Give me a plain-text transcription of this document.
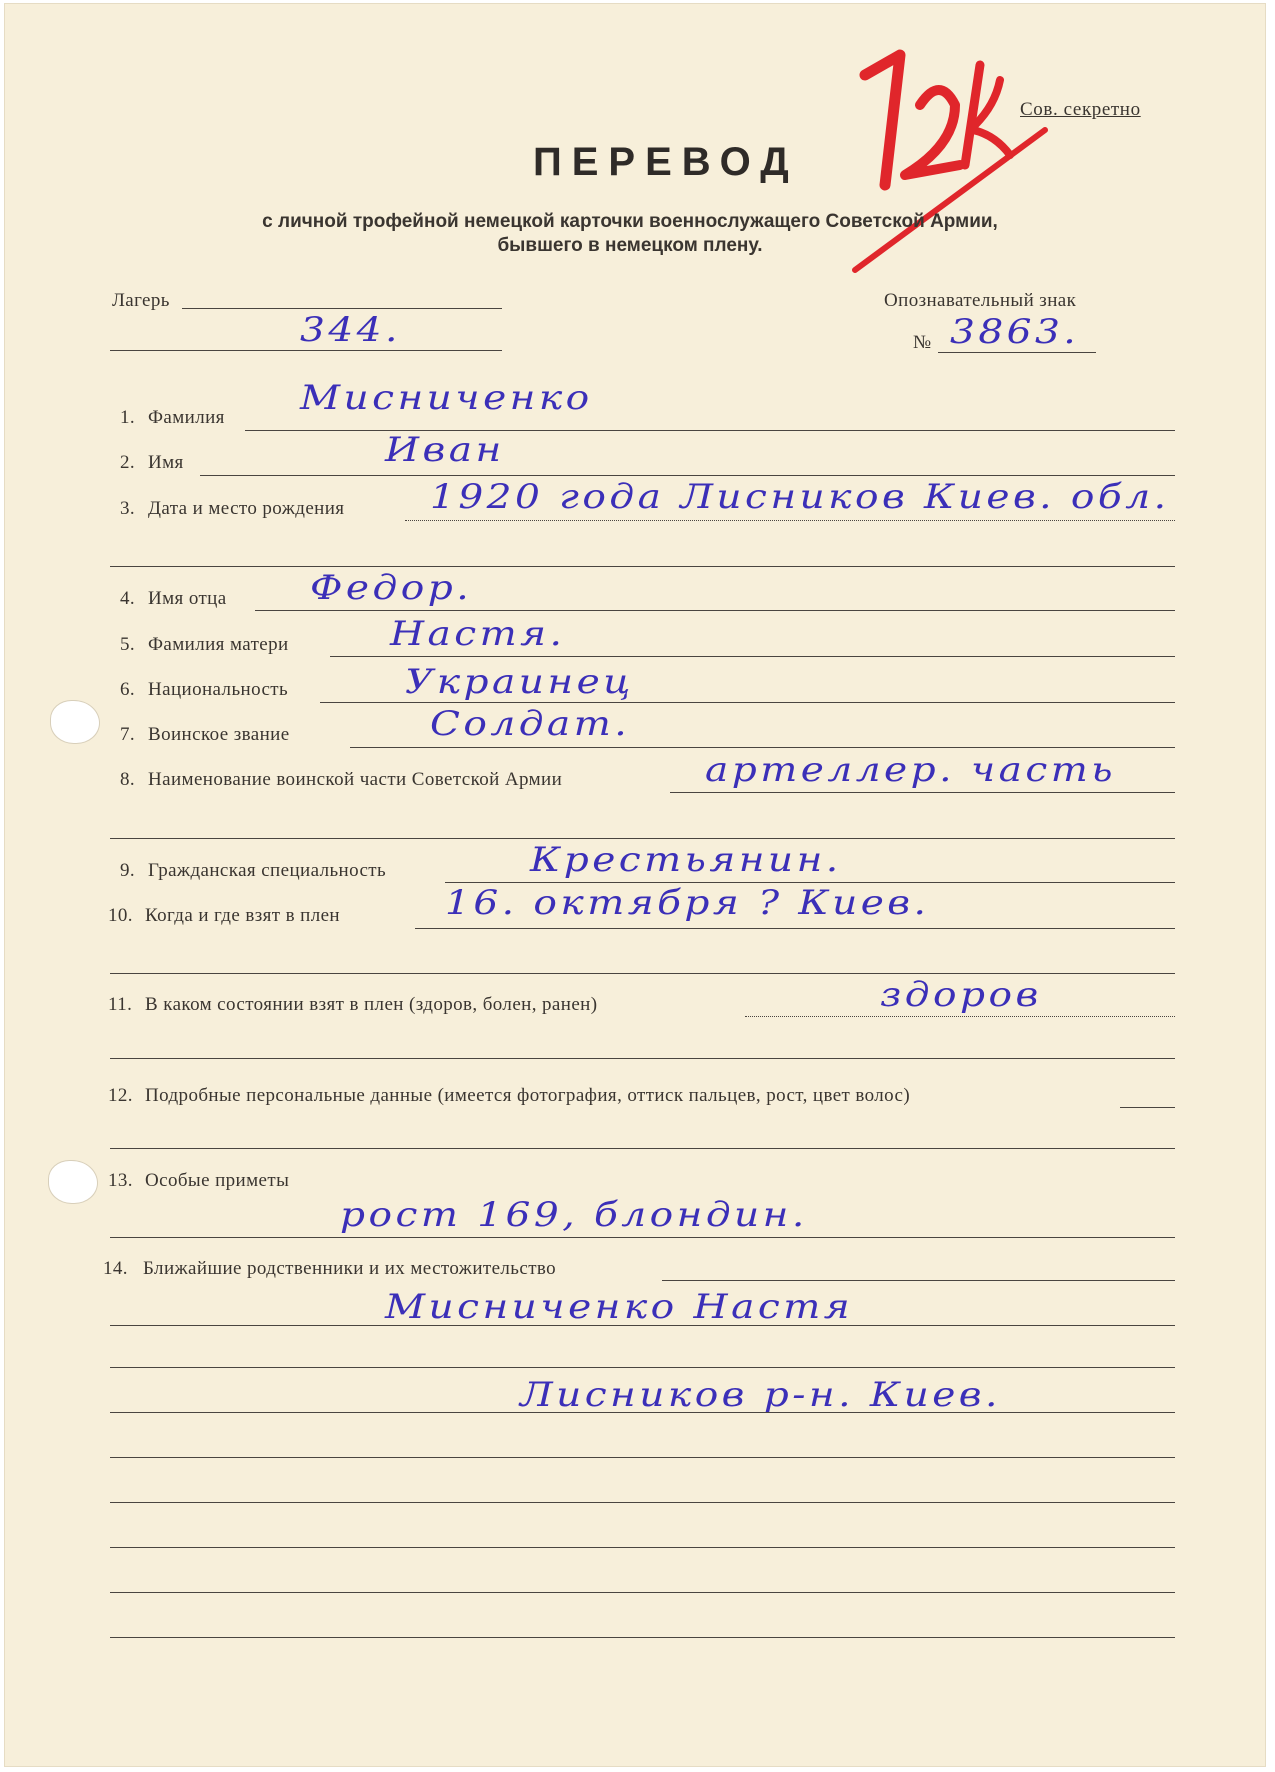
Сов. секретно
ПЕРЕВОД
с личной трофейной немецкой карточки военнослужащего Советской Армии,
бывшего в немецком плену.
Лагерь
344.
Опознавательный знак
№ 3863.
1. Фамилия Мисниченко
2. Имя	Иван
3. Дата и место рождения	1920 года Лисников Киев. обл.
4. Имя отца Федор.
5. Фамилия матери	Настя.
6. Национальность	Украинец
7. Воинское звание	Солдат.
8. Наименование воинской части Советской Армии	артеллер. часть
9. Гражданская специальность	Крестьянин.
10. Когда и где взят в плен	16. октября ? Киев.
11. В каком состоянии взят в плен (здоров, болен, ранен)	здоров
12. Подробные персональные данные (имеется фотография, оттиск пальцев, рост, цвет волос)
13. Особые приметы
рост 169, блондин.
14. Ближайшие родственники и их местожительство
Мисниченко Настя
Лисников р-н. Киев.
